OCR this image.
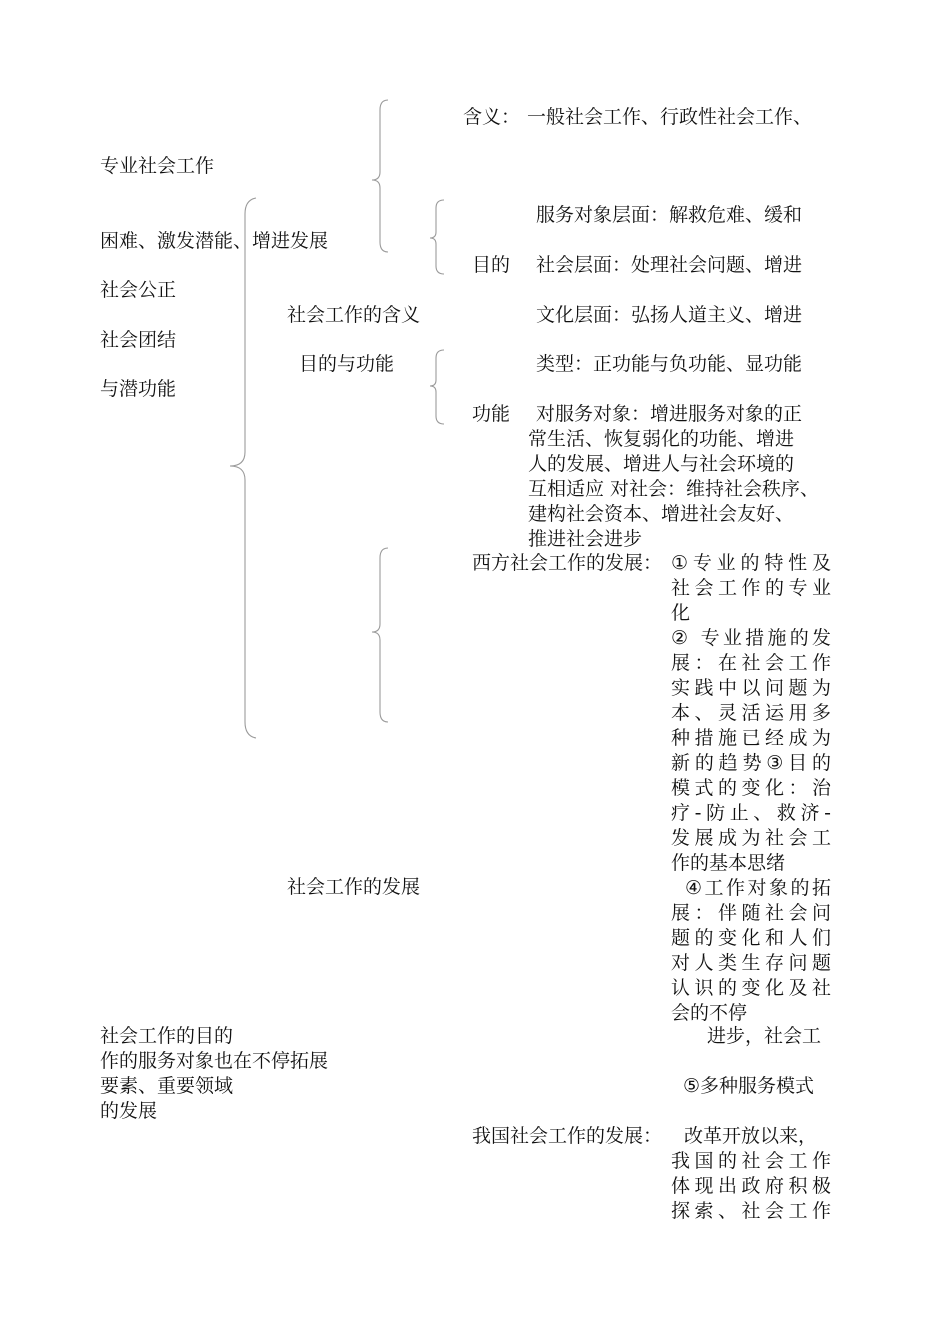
专业社会工作
困难、激发潜能、增进发展
社会公正
社会团结
与潜功能
社会工作的目的
作的服务对象也在不停拓展
要素、重要领域
的发展
社会工作的含义
目的与功能
社会工作的发展
含义： 一般社会工作、行政性社会工作、
服务对象层面：解救危难、缓和
目的 社会层面：处理社会问题、增进
文化层面：弘扬人道主义、增进
类型：正功能与负功能、显功能
功能 对服务对象：增进服务对象的正
常生活、恢复弱化的功能、增进
人的发展、增进人与社会环境的
互相适应 对社会：维持社会秩序、
建构社会资本、增进社会友好、
推进社会进步
西方社会工作的发展： ①专业的特性及
社会工作的专业
化
② 专业措施的发
展：在社会工作
实践中以问题为
本、灵活运用多
种措施已经成为
新的趋势③目的
模式的变化：治
疗-防止、救济-
发展成为社会工
作的基本思绪
④工作对象的拓
展：伴随社会问
题的变化和人们
对人类生存问题
认识的变化及社
会的不停
进步，社会工
⑤多种服务模式
我国社会工作的发展： 改革开放以来，
我国的社会工作
体现出政府积极
探索、社会工作
